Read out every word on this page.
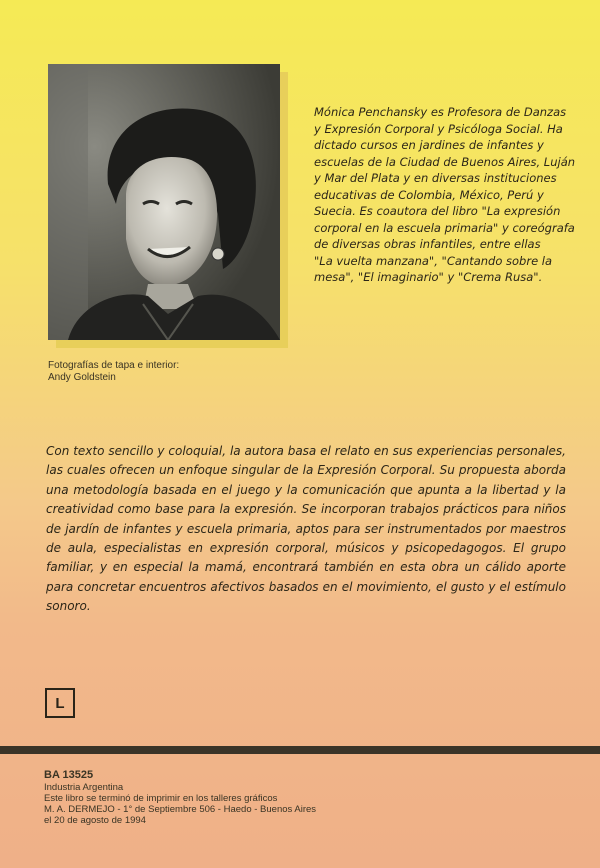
Fotografías de tapa e interior:
Andy Goldstein

Mónica Penchansky es Profesora de Danzas y Expresión Corporal y Psicóloga Social. Ha dictado cursos en jardines de infantes y escuelas de la Ciudad de Buenos Aires, Luján y Mar del Plata y en diversas instituciones educativas de Colombia, México, Perú y Suecia. Es coautora del libro "La expresión corporal en la escuela primaria" y coreógrafa de diversas obras infantiles, entre ellas

"La vuelta manzana", "Cantando sobre la mesa", "El imaginario" y "Crema Rusa".

Con texto sencillo y coloquial, la autora basa el relato en sus experiencias personales, las cuales ofrecen un enfoque singular de la Expresión Corporal. Su propuesta aborda una metodología basada en el juego y la comunicación que apunta a la libertad y la creatividad como base para la expresión. Se incorporan trabajos prácticos para niños de jardín de infantes y escuela primaria, aptos para ser instrumentados por maestros de aula, especialistas en expresión corporal, músicos y psicopedagogos. El grupo familiar, y en especial la mamá, encontrará también en esta obra un cálido aporte para concretar encuentros afectivos basados en el movimiento, el gusto y el estímulo sonoro.
L
BA 13525
Industria Argentina
Este libro se terminó de imprimir en los talleres gráficos
M. A. DERMEJO - 1° de Septiembre 506 - Haedo - Buenos Aires
el 20 de agosto de 1994
